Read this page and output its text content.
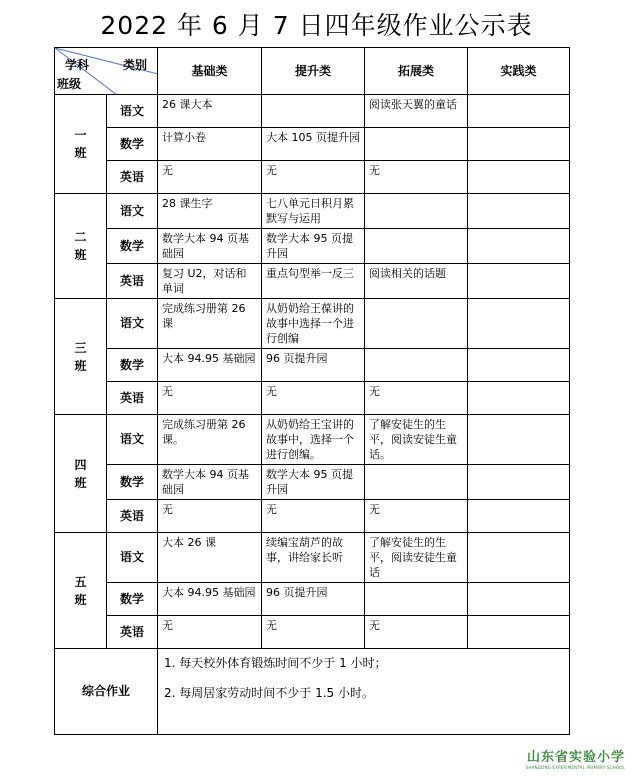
2022 年 6 月 7 日四年级作业公示表
类别
学科
班级		基础类	提升类	拓展类	实践类
一班	语文	26 课大本		阅读张天翼的童话	
	数学	计算小卷	大本 105 页提升园		
	英语	无	无	无	
二班	语文	28 课生字	七八单元日积月累默写与运用		
	数学	数学大本 94 页基础园	数学大本 95 页提升园		
	英语	复习 U2，对话和单词	重点句型举一反三	阅读相关的话题	
三班	语文	完成练习册第 26 课	从奶奶给王葆讲的故事中选择一个进行创编		
	数学	大本 94.95 基础园	96 页提升园		
	英语	无	无	无	
四班	语文	完成练习册第 26 课。	从奶奶给王宝讲的故事中，选择一个进行创编。	了解安徒生的生平，阅读安徒生童话。	
	数学	数学大本 94 页基础园	数学大本 95 页提升园		
	英语	无	无	无	
五班	语文	大本 26 课	续编宝葫芦的故事，讲给家长听	了解安徒生的生平，阅读安徒生童话	
	数学	大本 94.95 基础园	96 页提升园		
	英语	无	无	无	
综合作业		1. 每天校外体育锻炼时间不少于 1 小时；
2. 每周居家劳动时间不少于 1.5 小时。			
山东省实验小学
SHANDONG EXPERIMENTAL PRIMARY SCHOOL
